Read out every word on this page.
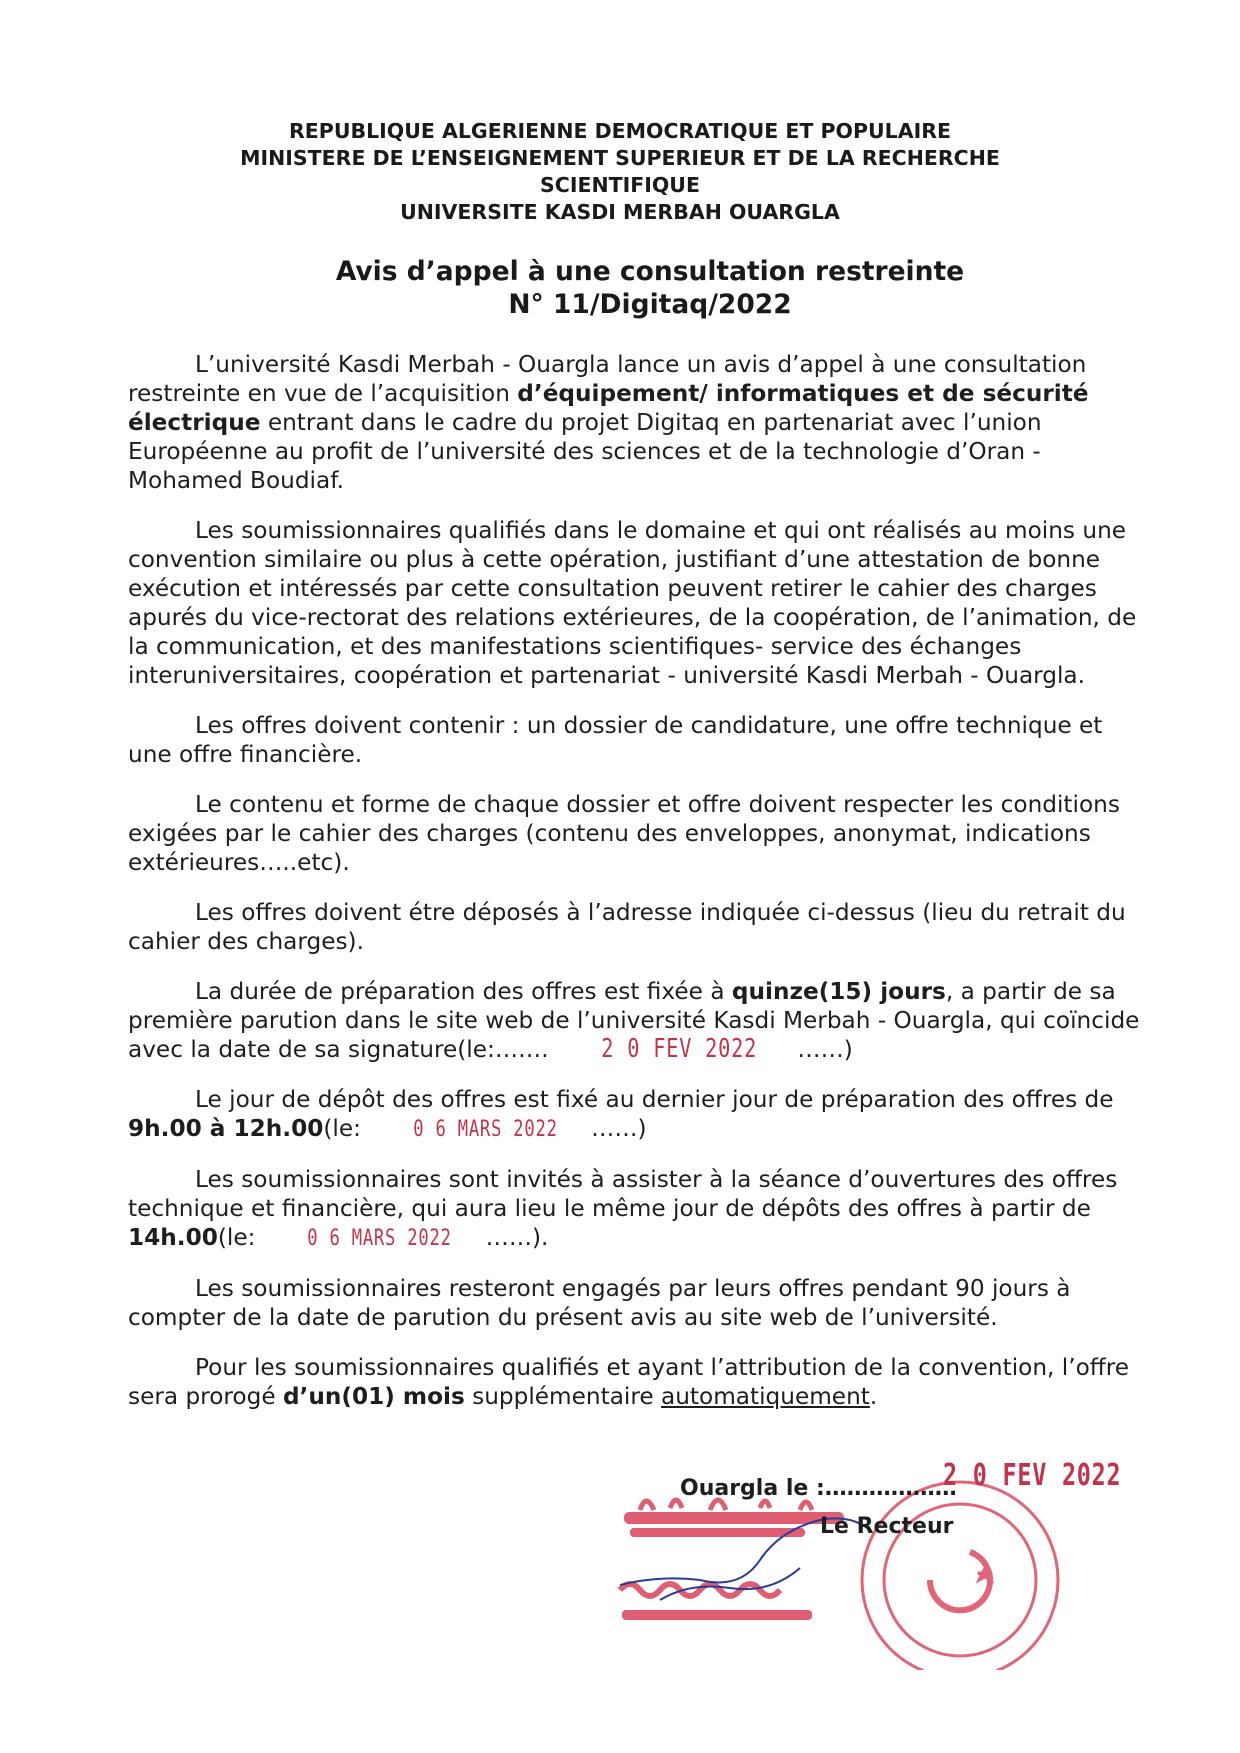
REPUBLIQUE ALGERIENNE DEMOCRATIQUE ET POPULAIRE
MINISTERE DE L’ENSEIGNEMENT SUPERIEUR ET DE LA RECHERCHE
SCIENTIFIQUE
UNIVERSITE KASDI MERBAH OUARGLA
Avis d’appel à une consultation restreinte
N° 11/Digitaq/2022

L’université Kasdi Merbah - Ouargla lance un avis d’appel à une consultation restreinte en vue de l’acquisition d’équipement/ informatiques et de sécurité électrique entrant dans le cadre du projet Digitaq en partenariat avec l’union Européenne au profit de l’université des sciences et de la technologie d’Oran - Mohamed Boudiaf.

Les soumissionnaires qualifiés dans le domaine et qui ont réalisés au moins une convention similaire ou plus à cette opération, justifiant d’une attestation de bonne exécution et intéressés par cette consultation peuvent retirer le cahier des charges apurés du vice-rectorat des relations extérieures, de la coopération, de l’animation, de la communication, et des manifestations scientifiques- service des échanges interuniversitaires, coopération et partenariat - université Kasdi Merbah - Ouargla.

Les offres doivent contenir : un dossier de candidature, une offre technique et une offre financière.

Le contenu et forme de chaque dossier et offre doivent respecter les conditions exigées par le cahier des charges (contenu des enveloppes, anonymat, indications extérieures…..etc).

Les offres doivent étre déposés à l’adresse indiquée ci-dessus (lieu du retrait du cahier des charges).

La durée de préparation des offres est fixée à quinze(15) jours, a partir de sa première parution dans le site web de l’université Kasdi Merbah - Ouargla, qui coïncide avec la date de sa signature(le:……. 2 0 FEV 2022 ……)

Le jour de dépôt des offres est fixé au dernier jour de préparation des offres de 9h.00 à 12h.00(le: 0 6 MARS 2022 ……)

Les soumissionnaires sont invités à assister à la séance d’ouvertures des offres technique et financière, qui aura lieu le même jour de dépôts des offres à partir de 14h.00(le: 0 6 MARS 2022 ……).

Les soumissionnaires resteront engagés par leurs offres pendant 90 jours à compter de la date de parution du présent avis au site web de l’université.

Pour les soumissionnaires qualifiés et ayant l’attribution de la convention, l’offre sera prorogé d’un(01) mois supplémentaire automatiquement.

Ouargla le :………………2 0 FEV 2022
Le Recteur
